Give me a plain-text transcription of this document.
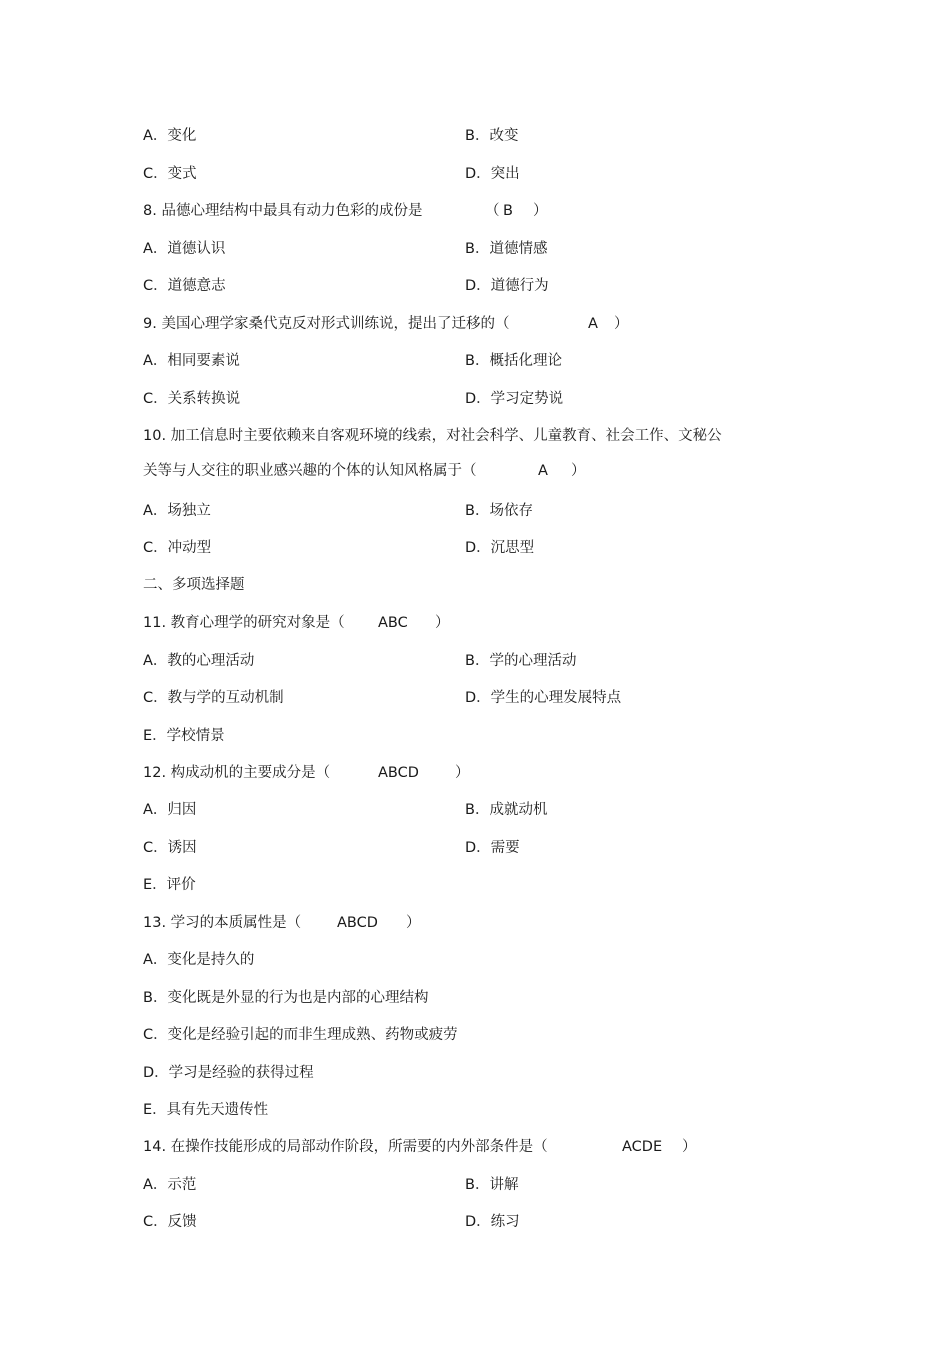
A．变化	B．改变
C．变式	D．突出
8. 品德心理结构中最具有动力色彩的成份是	（ B ）
A．道德认识	B．道德情感
C．道德意志	D．道德行为
9. 美国心理学家桑代克反对形式训练说，提出了迁移的（	A ）
A．相同要素说	B．概括化理论
C．关系转换说	D．学习定势说
10. 加工信息时主要依赖来自客观环境的线索，对社会科学、儿童教育、社会工作、文秘公
关等与人交往的职业感兴趣的个体的认知风格属于（	A ）
A．场独立	B．场依存
C．冲动型	D．沉思型
二、多项选择题
11. 教育心理学的研究对象是（ ABC ）
A．教的心理活动	B．学的心理活动
C．教与学的互动机制	D．学生的心理发展特点
E．学校情景
12. 构成动机的主要成分是（	ABCD ）
A．归因	B．成就动机
C．诱因	D．需要
E．评价
13. 学习的本质属性是（ ABCD ）
A．变化是持久的
B．变化既是外显的行为也是内部的心理结构
C．变化是经验引起的而非生理成熟、药物或疲劳
D．学习是经验的获得过程
E．具有先天遗传性
14. 在操作技能形成的局部动作阶段，所需要的内外部条件是（	ACDE ）
A．示范	B．讲解
C．反馈	D．练习
